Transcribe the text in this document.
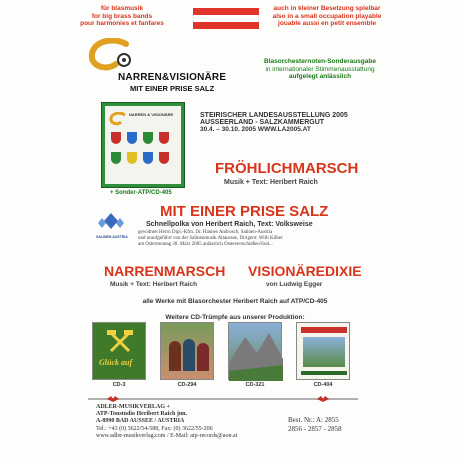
für blasmusik
for big brass bands
pour harmonies et fanfares
auch in kleiner Besetzung spielbar
also in a small occupation playable
jouable aussi en petit ensemble
NARREN&VISIONÄRE
MIT EINER PRISE SALZ
Blasorchesternoten-Sonderausgabe
in internationaler Stimmenausstattung
aufgelegt anlässlich
NARREN & VISIONÄRE
+ Sonder-ATP/CD-405
STEIRISCHER LANDESAUSSTELLUNG 2005
AUSSEERLAND - SALZKAMMERGUT
30.4. – 30.10. 2005 WWW.LA2005.AT
FRÖHLICHMARSCH
Musik + Text: Heribert Raich
SALINEN AUSTRIA
MIT EINER PRISE SALZ
Schnellpolka von Heribert Raich, Text: Volksweise
gewidmet Herrn Dipl.-Kfm. Dr. Hannes Androsch, Salinen-Austria
und uraufgeführt von der Salinenmusik Altaussee, Dirigent: Willi Kilber
am Ostermontag 28. März 2005 anlässlich Ostereierschießen/Sud...
NARRENMARSCH
Musik + Text: Heribert Raich
VISIONÄREDIXIE
von Ludwig Egger
alle Werke mit Blasorchester Heribert Raich auf ATP/CD-405
Weitere CD-Trümpfe aus unserer Produktion:
Glück auf
CD-3	CD-294	CD-321	CD-404
ADLER-MUSIKVERLAG +
ATP-Tonstudio Heribert Raich jun.
A-8990 BAD AUSSEE / AUSTRIA
Tel.: +43 (0) 3622/54-588, Fax: (0) 3622/55-206
www.adler-musikverlag.com / E-Mail: atp-records@aon.at
Best. Nr.: A: 2855
2856 - 2857 - 2858
